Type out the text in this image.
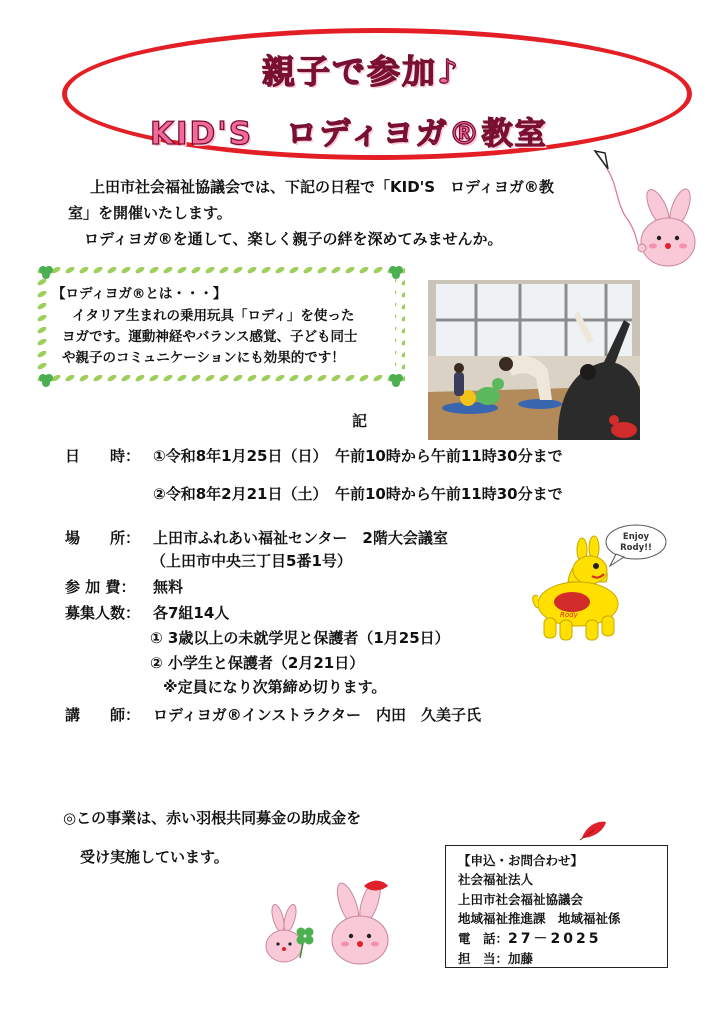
親子で参加♪
KID'S　ロディヨガ®教室
上田市社会福祉協議会では、下記の日程で「KID'S　ロディヨガ®教
室」を開催いたします。
ロディヨガ®を通して、楽しく親子の絆を深めてみませんか。
【ロディヨガ®とは・・・】
イタリア生まれの乗用玩具「ロディ」を使った
ヨガです。運動神経やバランス感覚、子ども同士
や親子のコミュニケーションにも効果的です！
記
日　　時： ①令和8年1月25日（日）　午前10時から午前11時30分まで
②令和8年2月21日（土）　午前10時から午前11時30分まで
場　　所： 上田市ふれあい福祉センター　2階大会議室
（上田市中央三丁目5番1号）
参 加 費： 無料
募集人数： 各7組14人
① 3歳以上の未就学児と保護者（1月25日）
② 小学生と保護者（2月21日）
※定員になり次第締め切ります。
講　　師： ロディヨガ®インストラクター　内田　久美子氏
Enjoy
Rody!!
Rody
◎この事業は、赤い羽根共同募金の助成金を
受け実施しています。	【申込・お問合わせ】
社会福祉法人
上田市社会福祉協議会
地域福祉推進課　地域福祉係
電　話：27－2025
担　当：加藤
